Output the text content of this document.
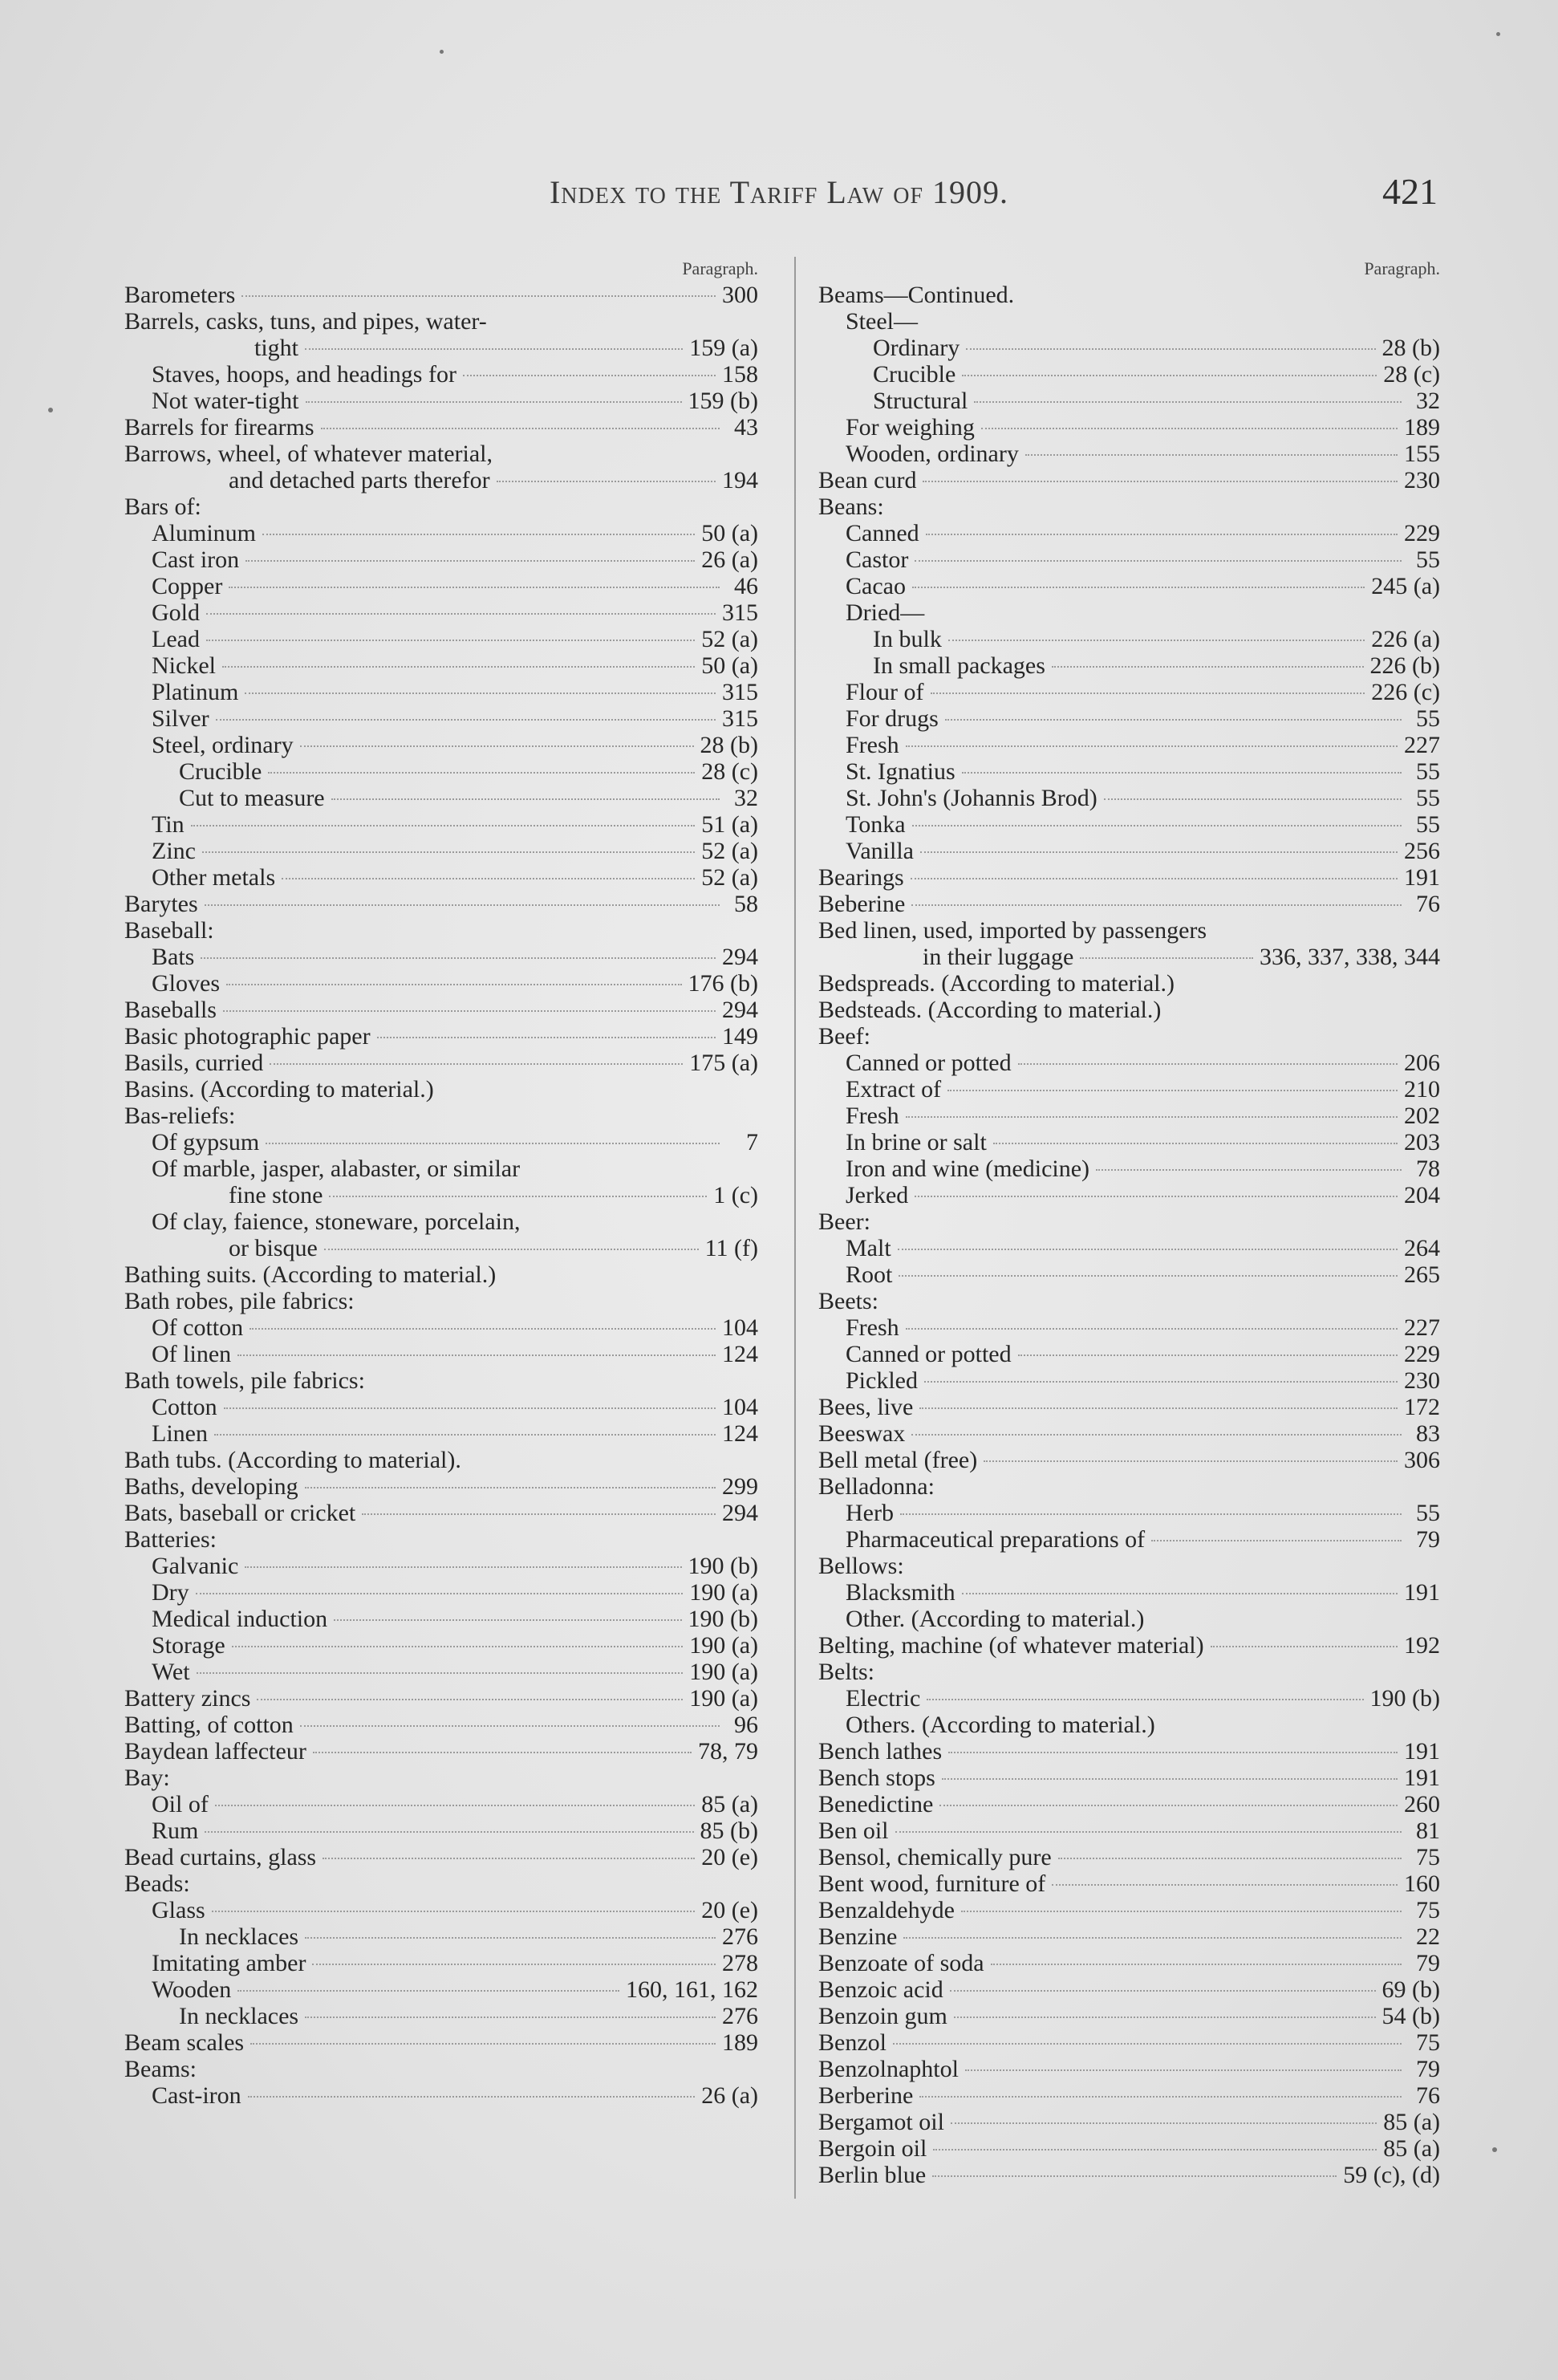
Index to the Tariff Law of 1909.	421
Paragraph.
Barometers	300
Barrels, casks, tuns, and pipes, water-
tight	159 (a)
Staves, hoops, and headings for	158
Not water-tight	159 (b)
Barrels for firearms	43
Barrows, wheel, of whatever material,
and detached parts therefor	194
Bars of:
Aluminum	50 (a)
Cast iron	26 (a)
Copper	46
Gold	315
Lead	52 (a)
Nickel	50 (a)
Platinum	315
Silver	315
Steel, ordinary	28 (b)
Crucible	28 (c)
Cut to measure	32
Tin	51 (a)
Zinc	52 (a)
Other metals	52 (a)
Barytes	58
Baseball:
Bats	294
Gloves	176 (b)
Baseballs	294
Basic photographic paper	149
Basils, curried	175 (a)
Basins. (According to material.)
Bas-reliefs:
Of gypsum	7
Of marble, jasper, alabaster, or similar
fine stone	1 (c)
Of clay, faience, stoneware, porcelain,
or bisque	11 (f)
Bathing suits. (According to material.)
Bath robes, pile fabrics:
Of cotton	104
Of linen	124
Bath towels, pile fabrics:
Cotton	104
Linen	124
Bath tubs. (According to material).
Baths, developing	299
Bats, baseball or cricket	294
Batteries:
Galvanic	190 (b)
Dry	190 (a)
Medical induction	190 (b)
Storage	190 (a)
Wet	190 (a)
Battery zincs	190 (a)
Batting, of cotton	96
Baydean laffecteur	78, 79
Bay:
Oil of	85 (a)
Rum	85 (b)
Bead curtains, glass	20 (e)
Beads:
Glass	20 (e)
In necklaces	276
Imitating amber	278
Wooden	160, 161, 162
In necklaces	276
Beam scales	189
Beams:
Cast-iron	26 (a)
Paragraph.
Beams—Continued.
Steel—
Ordinary	28 (b)
Crucible	28 (c)
Structural	32
For weighing	189
Wooden, ordinary	155
Bean curd	230
Beans:
Canned	229
Castor	55
Cacao	245 (a)
Dried—
In bulk	226 (a)
In small packages	226 (b)
Flour of	226 (c)
For drugs	55
Fresh	227
St. Ignatius	55
St. John's (Johannis Brod)	55
Tonka	55
Vanilla	256
Bearings	191
Beberine	76
Bed linen, used, imported by passengers
in their luggage	336, 337, 338, 344
Bedspreads. (According to material.)
Bedsteads. (According to material.)
Beef:
Canned or potted	206
Extract of	210
Fresh	202
In brine or salt	203
Iron and wine (medicine)	78
Jerked	204
Beer:
Malt	264
Root	265
Beets:
Fresh	227
Canned or potted	229
Pickled	230
Bees, live	172
Beeswax	83
Bell metal (free)	306
Belladonna:
Herb	55
Pharmaceutical preparations of	79
Bellows:
Blacksmith	191
Other. (According to material.)
Belting, machine (of whatever material)	192
Belts:
Electric	190 (b)
Others. (According to material.)
Bench lathes	191
Bench stops	191
Benedictine	260
Ben oil	81
Bensol, chemically pure	75
Bent wood, furniture of	160
Benzaldehyde	75
Benzine	22
Benzoate of soda	79
Benzoic acid	69 (b)
Benzoin gum	54 (b)
Benzol	75
Benzolnaphtol	79
Berberine	76
Bergamot oil	85 (a)
Bergoin oil	85 (a)
Berlin blue	59 (c), (d)
